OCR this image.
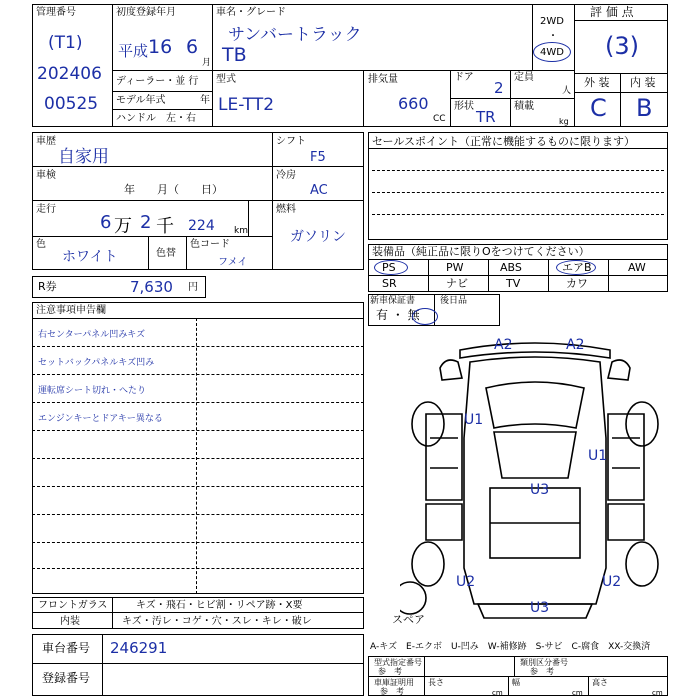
管理番号
(T1)
202406
00525
初度登録年月
平成 16 6
月
ディーラー・並 行
モデル年式	年
ハンドル　左・右
車名・グレード
サンバートラック
TB
2WD
・
4WD
評 価 点
(3)
外 装 内 装
C B
型式
LE-TT2
排気量
660
CC
ドア
2
形状
TR
定員
人
積載
kg
車歴
自家用
車検
年　　月（　　日）
走行
6 万 2 千 224 km
色
ホワイト	色替
色コード
フメイ
シフト
F5
冷房
AC
燃料
ガソリン
R券	7,630 円
セールスポイント（正常に機能するものに限ります）
装備品（純正品に限りOをつけてください）
PS	PW	ABS	エアB	AW
SR	ナビ	TV	カワ
新車保証書
有 ・ 無
後日品
注意事項申告欄
右センターパネル凹みキズ
セットバックパネルキズ凹み
運転席シート切れ・へたり
エンジンキーとドアキー異なる
A2	A2
U1
U1
U3
U2	U2
U3
スペア
フロントガラス	キズ・飛石・ヒビ割・リペア跡・X要
内装	キズ・汚レ・コゲ・穴・スレ・キレ・破レ
車台番号 246291
登録番号
A-キズ　E-エクボ　U-凹み　W-補修跡　S-サビ　C-腐食　XX-交換済
型式指定番号
参　考
類別区分番号
参　考
車庫証明用
参　考
長さ
cm
幅
cm
高さ
cm
